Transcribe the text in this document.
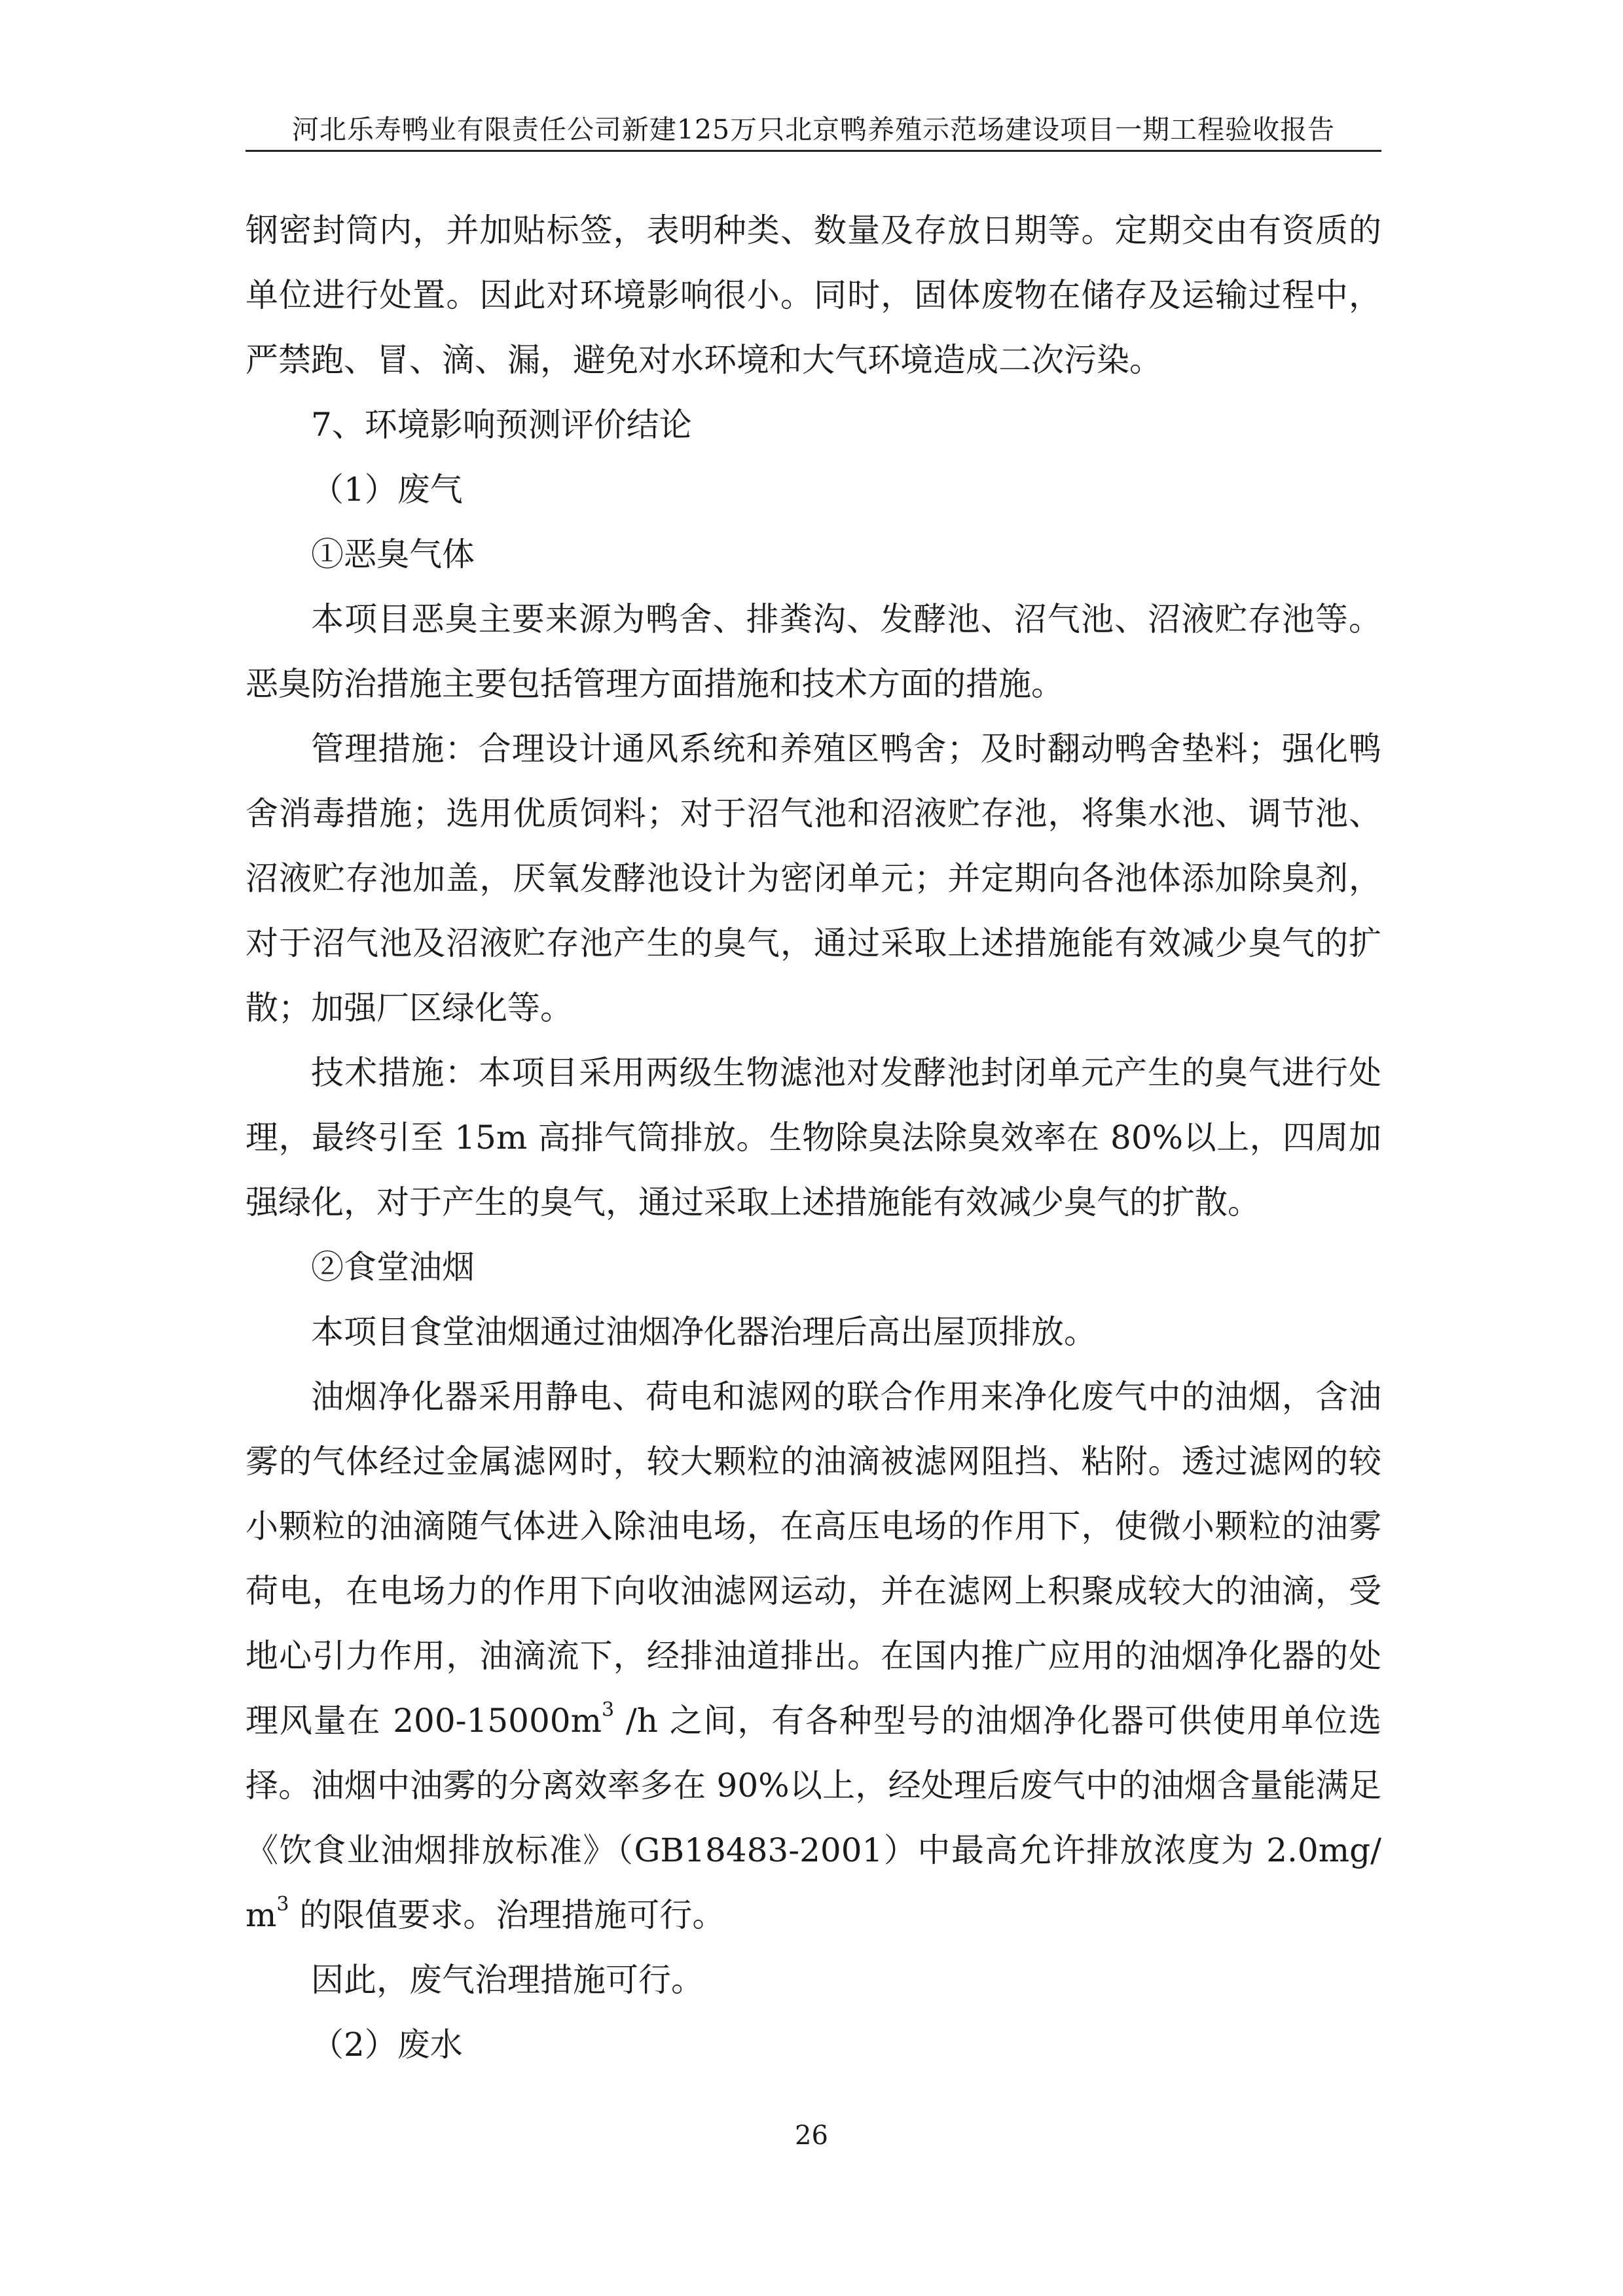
河北乐寿鸭业有限责任公司新建125万只北京鸭养殖示范场建设项目一期工程验收报告

钢密封筒内，并加贴标签，表明种类、数量及存放日期等。定期交由有资质的单位进行处置。因此对环境影响很小。同时，固体废物在储存及运输过程中，严禁跑、冒、滴、漏，避免对水环境和大气环境造成二次污染。

7、环境影响预测评价结论

（1）废气

①恶臭气体

本项目恶臭主要来源为鸭舍、排粪沟、发酵池、沼气池、沼液贮存池等。恶臭防治措施主要包括管理方面措施和技术方面的措施。

管理措施：合理设计通风系统和养殖区鸭舍；及时翻动鸭舍垫料；强化鸭舍消毒措施；选用优质饲料；对于沼气池和沼液贮存池，将集水池、调节池、沼液贮存池加盖，厌氧发酵池设计为密闭单元；并定期向各池体添加除臭剂，对于沼气池及沼液贮存池产生的臭气，通过采取上述措施能有效减少臭气的扩散；加强厂区绿化等。

技术措施：本项目采用两级生物滤池对发酵池封闭单元产生的臭气进行处理，最终引至 15m 高排气筒排放。生物除臭法除臭效率在 80%以上，四周加强绿化，对于产生的臭气，通过采取上述措施能有效减少臭气的扩散。

②食堂油烟

本项目食堂油烟通过油烟净化器治理后高出屋顶排放。

油烟净化器采用静电、荷电和滤网的联合作用来净化废气中的油烟，含油雾的气体经过金属滤网时，较大颗粒的油滴被滤网阻挡、粘附。透过滤网的较小颗粒的油滴随气体进入除油电场，在高压电场的作用下，使微小颗粒的油雾荷电，在电场力的作用下向收油滤网运动，并在滤网上积聚成较大的油滴，受地心引力作用，油滴流下，经排油道排出。在国内推广应用的油烟净化器的处理风量在 $200-15000m^3$ /h 之间，有各种型号的油烟净化器可供使用单位选择。油烟中油雾的分离效率多在 90%以上，经处理后废气中的油烟含量能满足《饮食业油烟排放标准》（GB18483-2001）中最高允许排放浓度为 $2.0mg/m^3$ 的限值要求。治理措施可行。

因此，废气治理措施可行。

（2）废水

26
